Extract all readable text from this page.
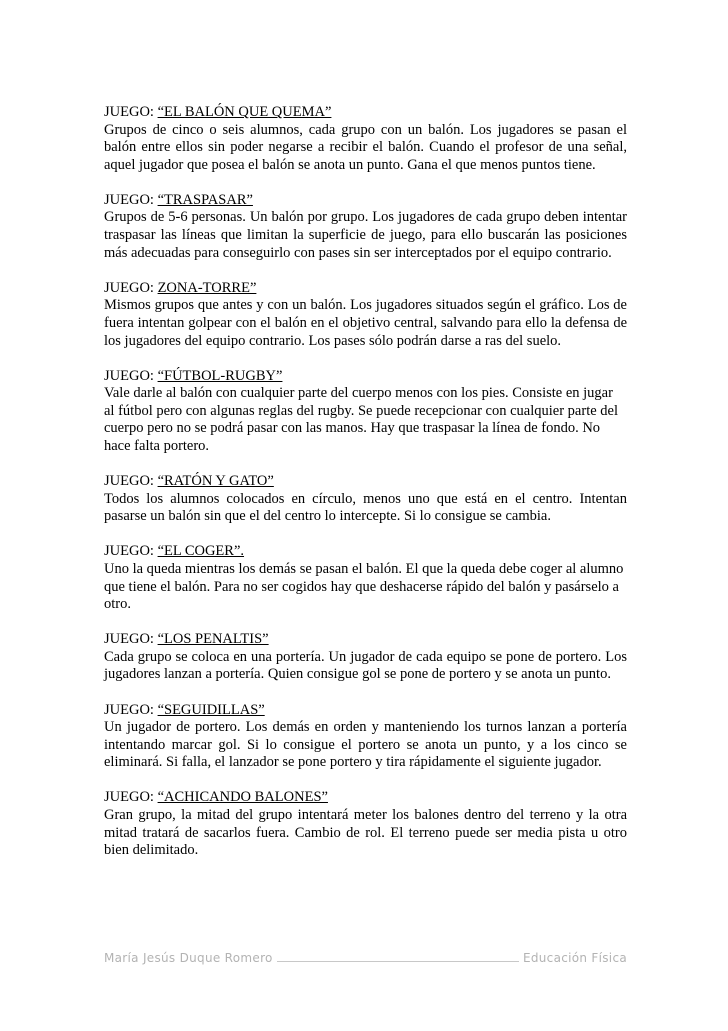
JUEGO: “EL BALÓN QUE QUEMA”

Grupos de cinco o seis alumnos, cada grupo con un balón. Los jugadores se pasan el balón entre ellos sin poder negarse a recibir el balón. Cuando el profesor de una señal, aquel jugador que posea el balón se anota un punto. Gana el que menos puntos tiene.

JUEGO: “TRASPASAR”

Grupos de 5-6 personas. Un balón por grupo. Los jugadores de cada grupo deben intentar traspasar las líneas que limitan la superficie de juego, para ello buscarán las posiciones más adecuadas para conseguirlo con pases sin ser interceptados por el equipo contrario.

JUEGO: ZONA-TORRE”

Mismos grupos que antes y con un balón. Los jugadores situados según el gráfico. Los de fuera intentan golpear con el balón en el objetivo central, salvando para ello la defensa de los jugadores del equipo contrario. Los pases sólo podrán darse a ras del suelo.

JUEGO: “FÚTBOL-RUGBY”

Vale darle al balón con cualquier parte del cuerpo menos con los pies. Consiste en jugar al fútbol pero con algunas reglas del rugby. Se puede recepcionar con cualquier parte del cuerpo pero no se podrá pasar con las manos. Hay que traspasar la línea de fondo. No hace falta portero.

JUEGO: “RATÓN Y GATO”

Todos los alumnos colocados en círculo, menos uno que está en el centro. Intentan pasarse un balón sin que el del centro lo intercepte. Si lo consigue se cambia.

JUEGO: “EL COGER”.

Uno la queda mientras los demás se pasan el balón. El que la queda debe coger al alumno que tiene el balón. Para no ser cogidos hay que deshacerse rápido del balón y pasárselo a otro.

JUEGO: “LOS PENALTIS”

Cada grupo se coloca en una portería. Un jugador de cada equipo se pone de portero. Los jugadores lanzan a portería. Quien consigue gol se pone de portero y se anota un punto.

JUEGO: “SEGUIDILLAS”

Un jugador de portero. Los demás en orden y manteniendo los turnos lanzan a portería intentando marcar gol. Si lo consigue el portero se anota un punto, y a los cinco se eliminará. Si falla, el lanzador se pone portero y tira rápidamente el siguiente jugador.

JUEGO: “ACHICANDO BALONES”

Gran grupo, la mitad del grupo intentará meter los balones dentro del terreno y la otra mitad tratará de sacarlos fuera. Cambio de rol. El terreno puede ser media pista u otro bien delimitado.

María Jesús Duque Romero	Educación Física
